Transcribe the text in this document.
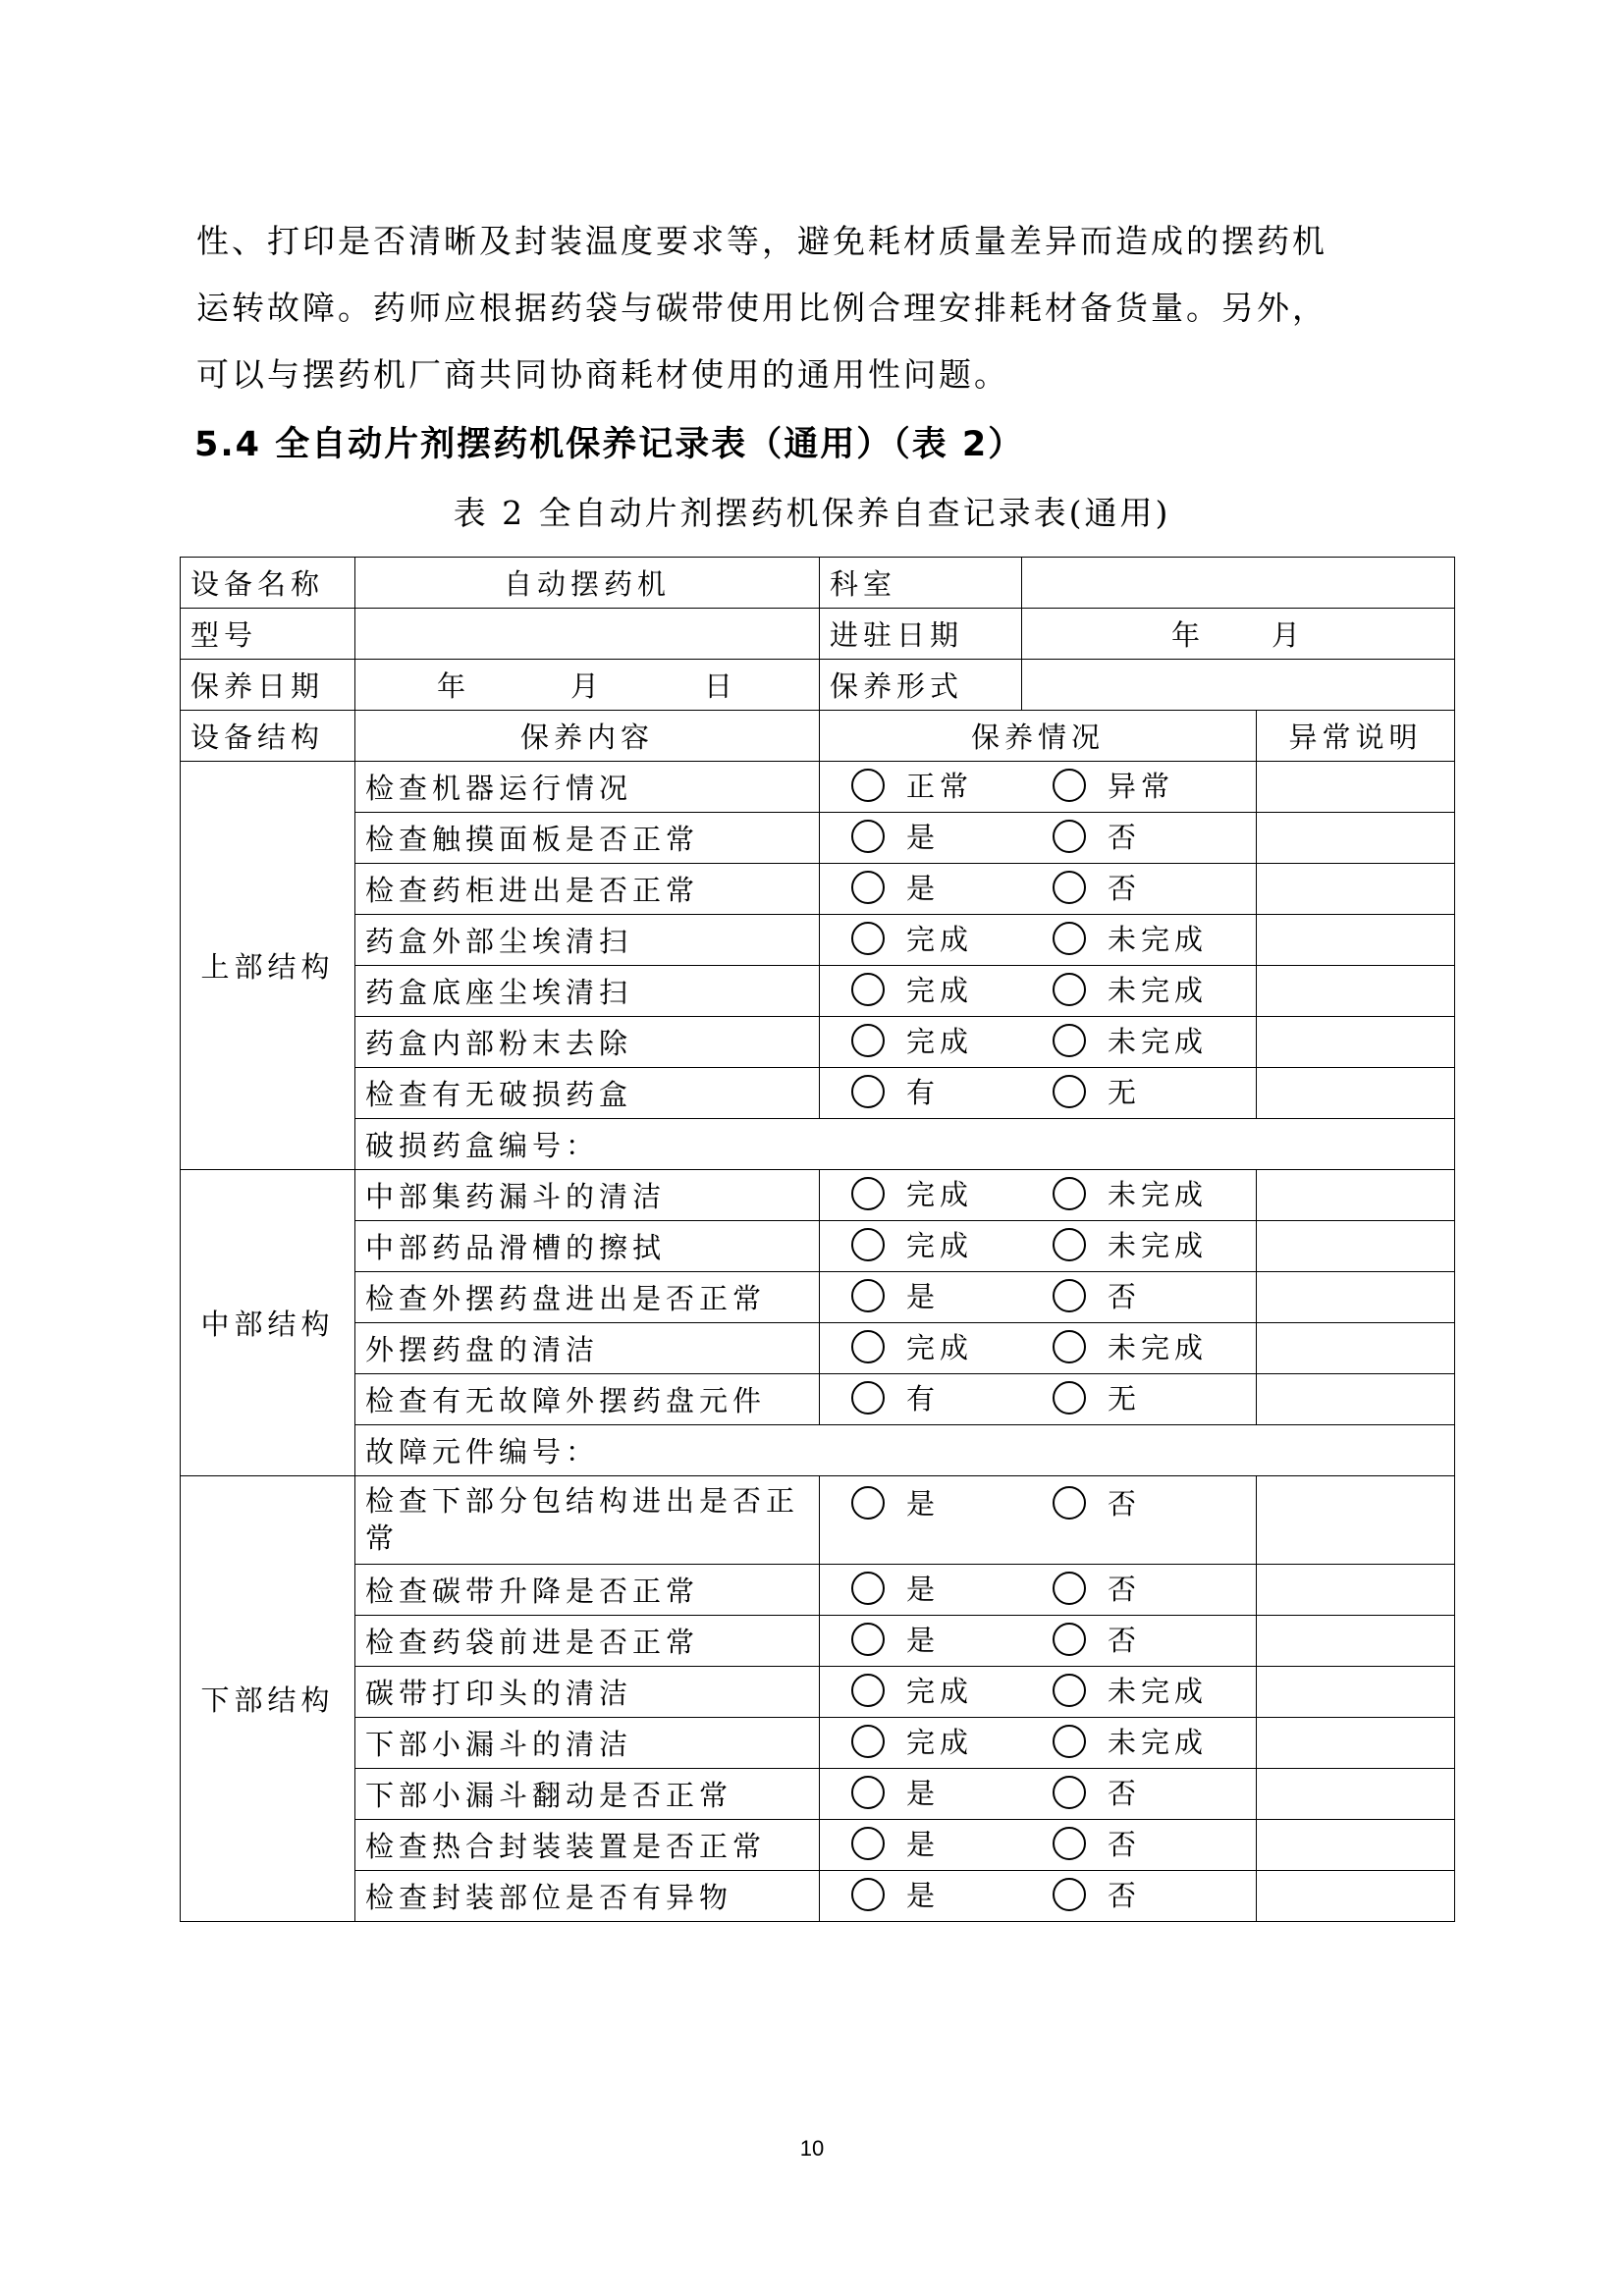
性、打印是否清晰及封装温度要求等，避免耗材质量差异而造成的摆药机

运转故障。药师应根据药袋与碳带使用比例合理安排耗材备货量。另外，

可以与摆药机厂商共同协商耗材使用的通用性问题。

5.4 全自动片剂摆药机保养记录表（通用）（表 2）
表 2 全自动片剂摆药机保养自查记录表(通用)
设备名称	自动摆药机	科室		
型号		进驻日期	年　　月	
保养日期	年　　　月　　　日	保养形式		
设备结构	保养内容	保养情况		异常说明
上部结构	检查机器运行情况	正常 异常		

	检查触摸面板是否正常	是 否		

	检查药柜进出是否正常	是 否		

	药盒外部尘埃清扫	完成 未完成		

	药盒底座尘埃清扫	完成 未完成		

	药盒内部粉末去除	完成 未完成		

	检查有无破损药盒	有 无		

	破损药盒编号：			
中部结构	中部集药漏斗的清洁	完成 未完成		

	中部药品滑槽的擦拭	完成 未完成		

	检查外摆药盘进出是否正常	是 否		

	外摆药盘的清洁	完成 未完成		

	检查有无故障外摆药盘元件	有 无		

	故障元件编号：			
下部结构	检查下部分包结构进出是否正常	是 否		

	检查碳带升降是否正常	是 否		

	检查药袋前进是否正常	是 否		

	碳带打印头的清洁	完成 未完成		

	下部小漏斗的清洁	完成 未完成		

	下部小漏斗翻动是否正常	是 否		

	检查热合封装装置是否正常	是 否		

	检查封装部位是否有异物	是 否		

10
